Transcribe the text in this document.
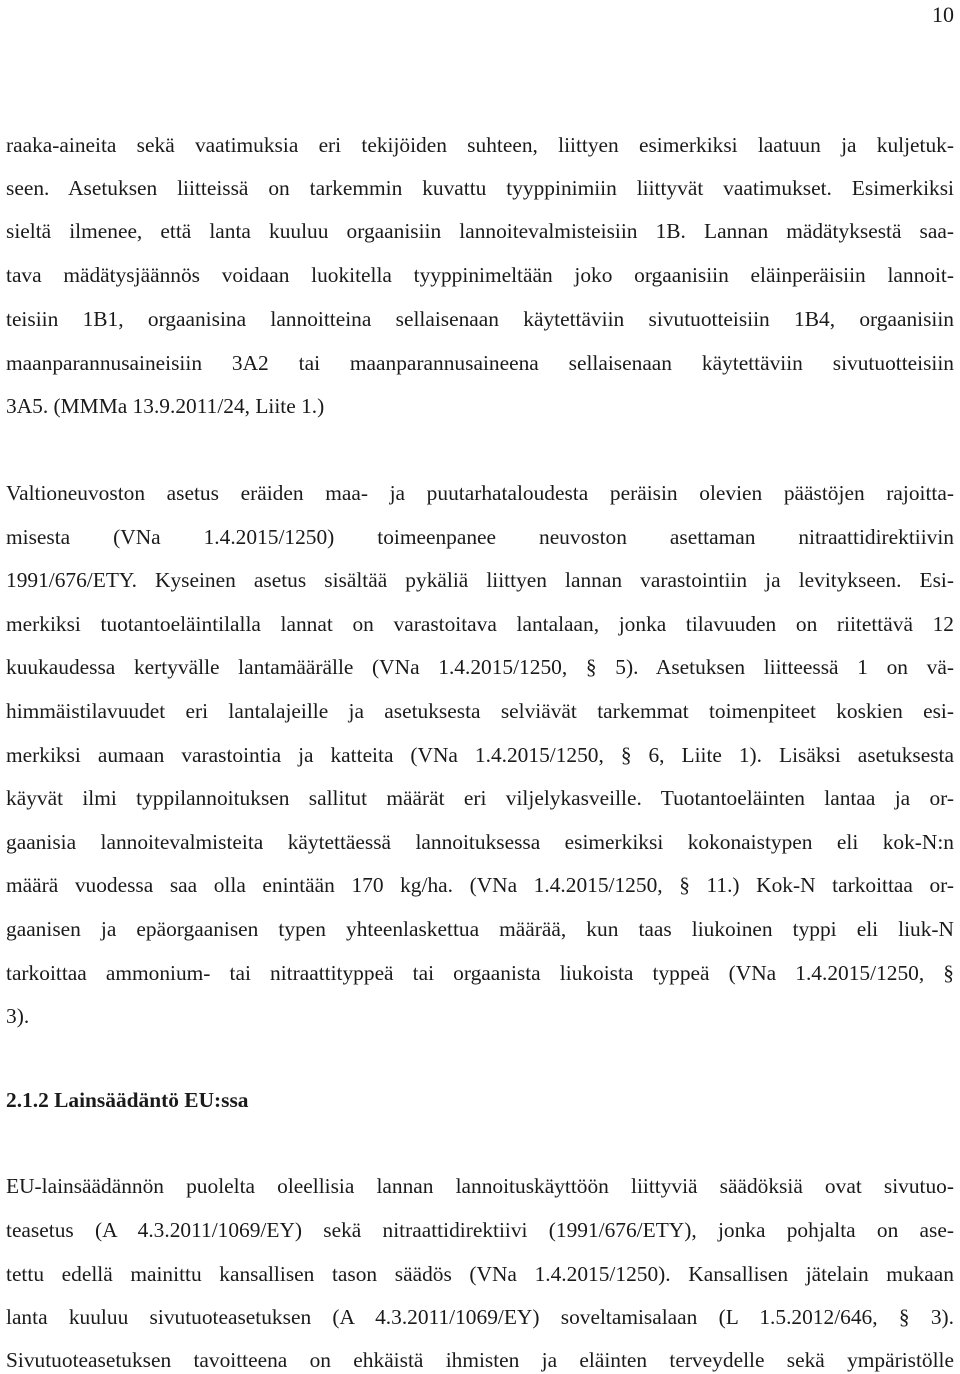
10
raaka-aineita sekä vaatimuksia eri tekijöiden suhteen, liittyen esimerkiksi laatuun ja kuljetuk-
seen. Asetuksen liitteissä on tarkemmin kuvattu tyyppinimiin liittyvät vaatimukset. Esimerkiksi
sieltä ilmenee, että lanta kuuluu orgaanisiin lannoitevalmisteisiin 1B. Lannan mädätyksestä saa-
tava mädätysjäännös voidaan luokitella tyyppinimeltään joko orgaanisiin eläinperäisiin lannoit-
teisiin 1B1, orgaanisina lannoitteina sellaisenaan käytettäviin sivutuotteisiin 1B4, orgaanisiin
maanparannusaineisiin 3A2 tai maanparannusaineena sellaisenaan käytettäviin sivutuotteisiin
3A5. (MMMa 13.9.2011/24, Liite 1.)
Valtioneuvoston asetus eräiden maa- ja puutarhataloudesta peräisin olevien päästöjen rajoitta-
misesta (VNa 1.4.2015/1250) toimeenpanee neuvoston asettaman nitraattidirektiivin
1991/676/ETY. Kyseinen asetus sisältää pykäliä liittyen lannan varastointiin ja levitykseen. Esi-
merkiksi tuotantoeläintilalla lannat on varastoitava lantalaan, jonka tilavuuden on riitettävä 12
kuukaudessa kertyvälle lantamäärälle (VNa 1.4.2015/1250, § 5). Asetuksen liitteessä 1 on vä-
himmäistilavuudet eri lantalajeille ja asetuksesta selviävät tarkemmat toimenpiteet koskien esi-
merkiksi aumaan varastointia ja katteita (VNa 1.4.2015/1250, § 6, Liite 1). Lisäksi asetuksesta
käyvät ilmi typpilannoituksen sallitut määrät eri viljelykasveille. Tuotantoeläinten lantaa ja or-
gaanisia lannoitevalmisteita käytettäessä lannoituksessa esimerkiksi kokonaistypen eli kok-N:n
määrä vuodessa saa olla enintään 170 kg/ha. (VNa 1.4.2015/1250, § 11.) Kok-N tarkoittaa or-
gaanisen ja epäorgaanisen typen yhteenlaskettua määrää, kun taas liukoinen typpi eli liuk-N
tarkoittaa ammonium- tai nitraattityppeä tai orgaanista liukoista typpeä (VNa 1.4.2015/1250, §
3).
2.1.2 Lainsäädäntö EU:ssa
EU-lainsäädännön puolelta oleellisia lannan lannoituskäyttöön liittyviä säädöksiä ovat sivutuo-
teasetus (A 4.3.2011/1069/EY) sekä nitraattidirektiivi (1991/676/ETY), jonka pohjalta on ase-
tettu edellä mainittu kansallisen tason säädös (VNa 1.4.2015/1250). Kansallisen jätelain mukaan
lanta kuuluu sivutuoteasetuksen (A 4.3.2011/1069/EY) soveltamisalaan (L 1.5.2012/646, § 3).
Sivutuoteasetuksen tavoitteena on ehkäistä ihmisten ja eläinten terveydelle sekä ympäristölle
